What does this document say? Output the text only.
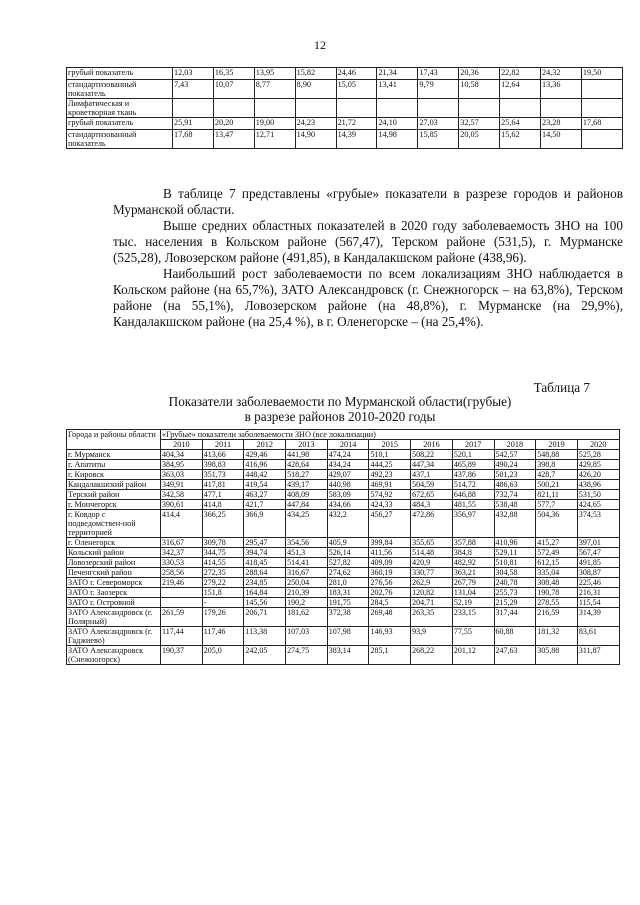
12
грубый показатель	12,03	16,35	13,95	15,82	24,46	21,34	17,43	20,36	22,82	24,32	19,50
стандартизованный показатель	7,43	10,07	8,77	8,90	15,05	13,41	9,79	10,58	12,64	13,36	
Лимфатическая и кроветворная ткань											
грубый показатель	25,91	20,20	19,00	24,23	21,72	24,10	27,03	32,57	25,64	23,28	17,68
стандартизованный показатель	17,68	13,47	12,71	14,90	14,39	14,98	15,85	20,05	15,62	14,50	

В таблице 7 представлены «грубые» показатели в разрезе городов и районов Мурманской области.

Выше средних областных показателей в 2020 году заболеваемость ЗНО на 100 тыс. населения в Кольском районе (567,47), Терском районе (531,5), г. Мурманске (525,28), Ловозерском районе (491,85), в Кандалакшском районе (438,96).

Наибольший рост заболеваемости по всем локализациям ЗНО наблюдается в Кольском районе (на 65,7%), ЗАТО Александровск (г. Снежногорск – на 63,8%), Терском районе (на 55,1%), Ловозерском районе (на 48,8%), г. Мурманске (на 29,9%), Кандалакшском районе (на 25,4 %), в г. Оленегорске – (на 25,4%).

Таблица 7
Показатели заболеваемости по Мурманской области(грубые)
в разрезе районов 2010-2020 годы
Города и районы области	«Грубые» показатели заболеваемости ЗНО (все локализации)										
	2010	2011	2012	2013	2014	2015	2016	2017	2018	2019	2020
г. Мурманск	404,34	413,66	429,46	441,98	474,24	510,1	508,22	520,1	542,57	548,88	525,28
г. Апатиты	384,95	398,83	416,96	428,64	434,24	444,25	447,34	465,89	490,24	398,8	429,85
г. Кировск	363,03	351,73	448,42	518,27	429,07	492,23	437,1	437,86	501,23	428,7	426,20
Кандалакшский район	349,91	417,81	419,54	439,17	440,98	469,91	504,59	514,72	486,63	500,21	438,96
Терский район	342,58	477,1	463,27	408,09	583,09	574,92	672,65	646,88	732,74	821,11	531,50
г. Мончегорск	390,61	414,8	421,7	447,84	434,66	424,33	484,3	481,55	538,48	577,7	424,65
г. Ковдор с подведомствен-ной территорией	414,4	366,25	366,9	434,25	432,2	456,27	472,86	356,97	432,88	504,36	374,53
г. Оленегорск	316,67	309,78	295,47	354,56	405,9	399,84	355,65	357,88	410,96	415,27	397,01
Кольский район	342,37	344,75	394,74	451,3	526,14	411,56	514,48	384,8	529,11	572,49	567,47
Ловозерский район	330,53	414,55	418,45	514,41	527,82	409,09	420,9	482,92	510,81	612,15	491,85
Печенгский район	258,56	272,35	288,64	316,67	274,62	360,19	330,77	363,21	304,58	335,04	308,87
ЗАТО г. Североморск	219,46	279,22	234,85	250,04	281,0	276,56	262,9	267,79	240,78	308,48	225,46
ЗАТО г. Заозерск		151,8	164,84	210,39	183,31	202,76	120,82	131,04	255,73	190,78	216,31
ЗАТО г. Островной		-	145,56	190,2	191,75	284,5	204,71	52,19	215,29	278,55	115,54
ЗАТО Александровск (г. Полярный)	261,59	179,26	206,71	181,62	372,38	269,48	263,35	233,15	317,44	216,59	314,39
ЗАТО Александровск (г. Гаджиево)	117,44	117,46	113,38	107,03	107,98	146,93	93,9	77,55	60,88	181,32	83,61
ЗАТО Александровск (Снежногорск)	190,37	205,0	242,05	274,75	383,14	285,1	268,22	201,12	247,63	305,88	311,87
